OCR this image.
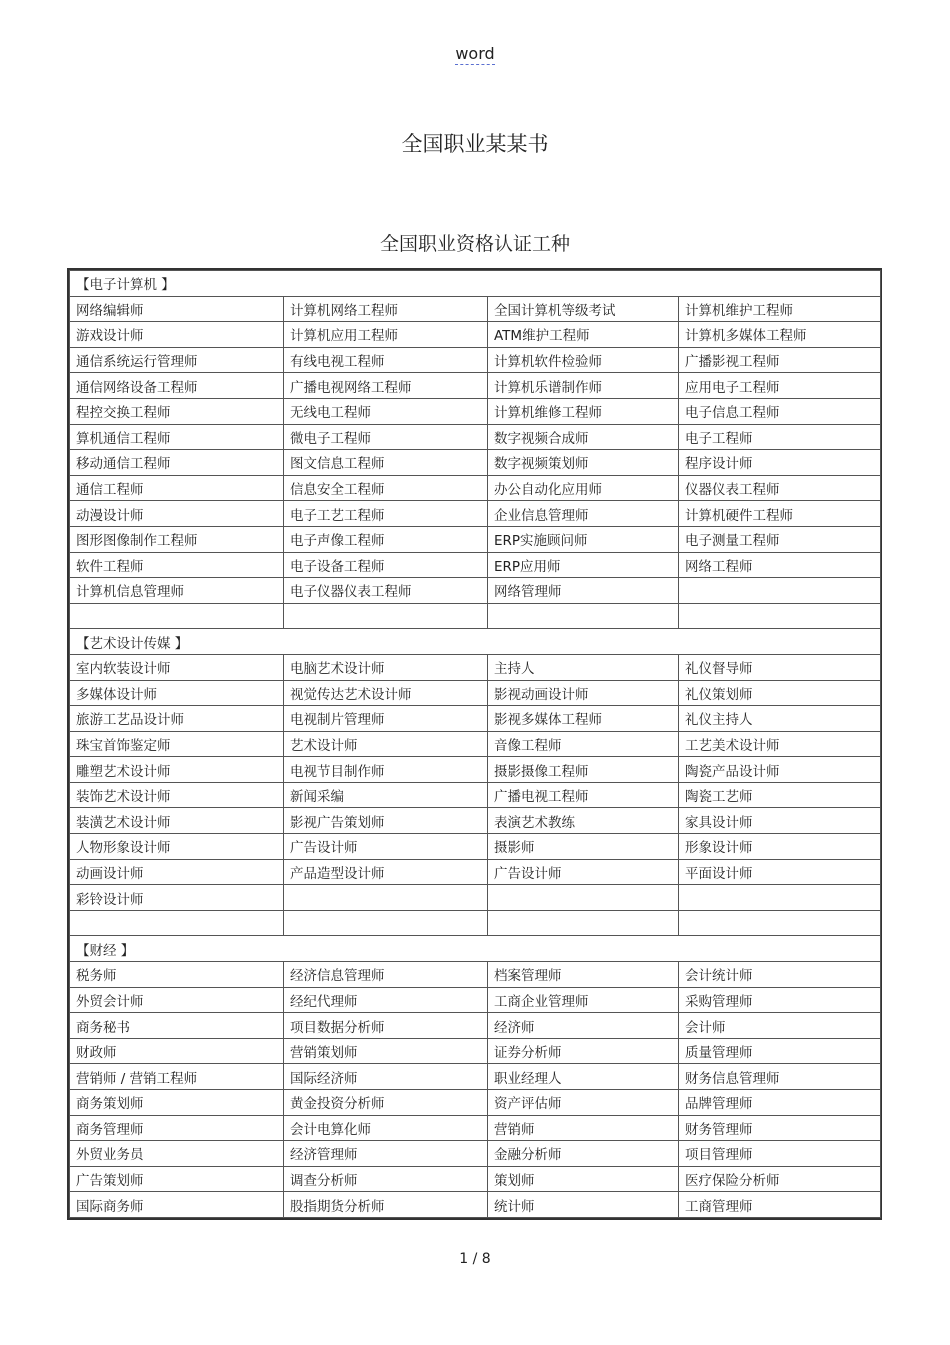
word
全国职业某某书
全国职业资格认证工种
【电子计算机 】			
网络编辑师	计算机网络工程师	全国计算机等级考试	计算机维护工程师
游戏设计师	计算机应用工程师	ATM维护工程师	计算机多媒体工程师
通信系统运行管理师	有线电视工程师	计算机软件检验师	广播影视工程师
通信网络设备工程师	广播电视网络工程师	计算机乐谱制作师	应用电子工程师
程控交换工程师	无线电工程师	计算机维修工程师	电子信息工程师
算机通信工程师	微电子工程师	数字视频合成师	电子工程师
移动通信工程师	图文信息工程师	数字视频策划师	程序设计师
通信工程师	信息安全工程师	办公自动化应用师	仪器仪表工程师
动漫设计师	电子工艺工程师	企业信息管理师	计算机硬件工程师
图形图像制作工程师	电子声像工程师	ERP实施顾问师	电子测量工程师
软件工程师	电子设备工程师	ERP应用师	网络工程师
计算机信息管理师	电子仪器仪表工程师	网络管理师	

【艺术设计传媒 】			
室内软装设计师	电脑艺术设计师	主持人	礼仪督导师
多媒体设计师	视觉传达艺术设计师	影视动画设计师	礼仪策划师
旅游工艺品设计师	电视制片管理师	影视多媒体工程师	礼仪主持人
珠宝首饰鉴定师	艺术设计师	音像工程师	工艺美术设计师
雕塑艺术设计师	电视节目制作师	摄影摄像工程师	陶瓷产品设计师
装饰艺术设计师	新闻采编	广播电视工程师	陶瓷工艺师
装潢艺术设计师	影视广告策划师	表演艺术教练	家具设计师
人物形象设计师	广告设计师	摄影师	形象设计师
动画设计师	产品造型设计师	广告设计师	平面设计师
彩铃设计师			

【财经 】			
税务师	经济信息管理师	档案管理师	会计统计师
外贸会计师	经纪代理师	工商企业管理师	采购管理师
商务秘书	项目数据分析师	经济师	会计师
财政师	营销策划师	证券分析师	质量管理师
营销师 / 营销工程师	国际经济师	职业经理人	财务信息管理师
商务策划师	黄金投资分析师	资产评估师	品牌管理师
商务管理师	会计电算化师	营销师	财务管理师
外贸业务员	经济管理师	金融分析师	项目管理师
广告策划师	调查分析师	策划师	医疗保险分析师
国际商务师	股指期货分析师	统计师	工商管理师
1 / 8
